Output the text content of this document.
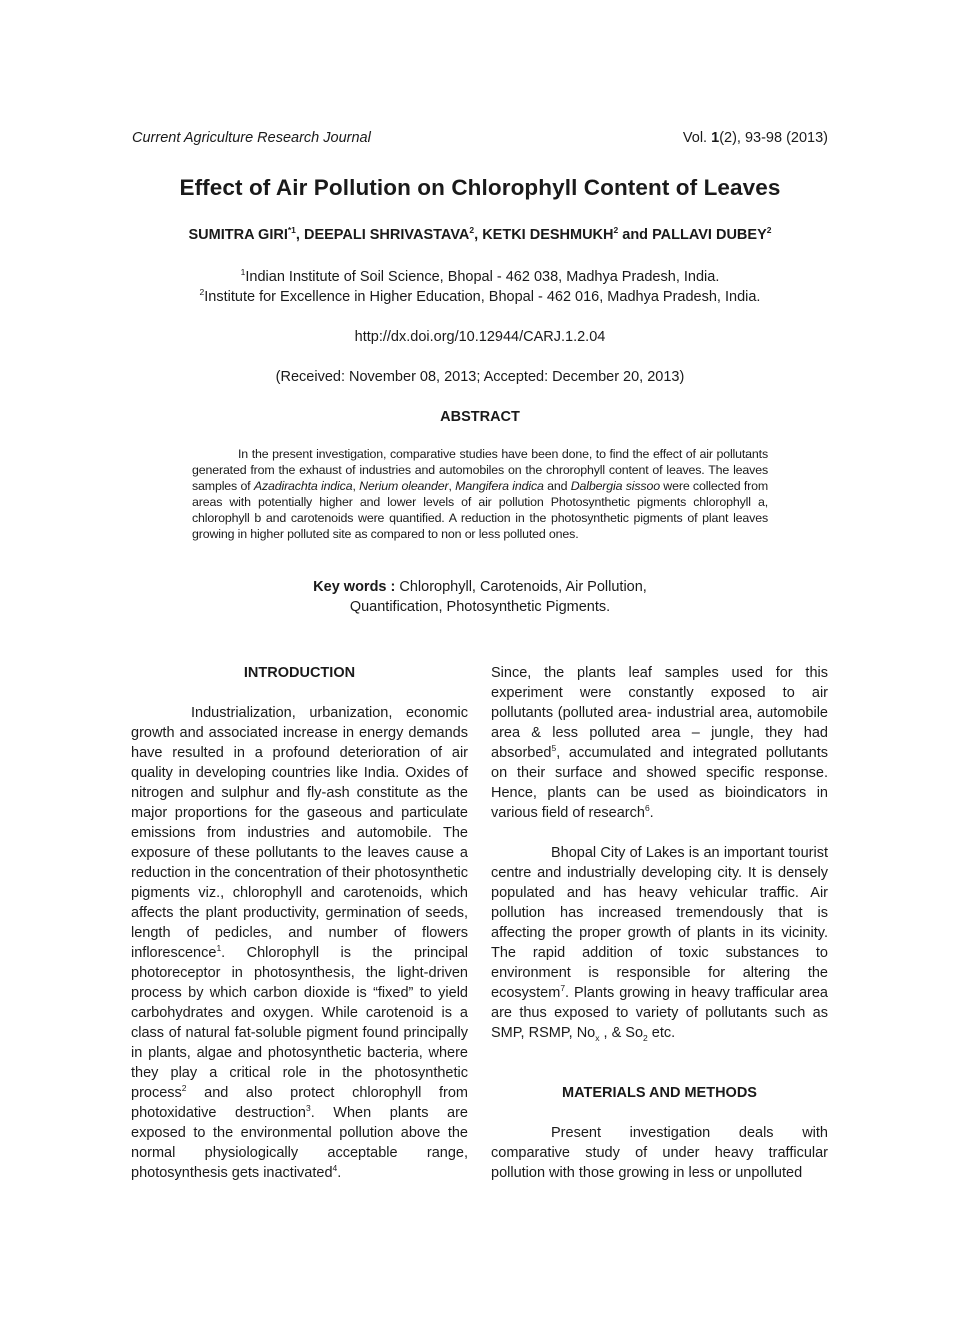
Current Agriculture Research Journal	Vol. 1(2), 93-98 (2013)
Effect of Air Pollution on Chlorophyll Content of Leaves
SUMITRA GIRI$^{*1}$, DEEPALI SHRIVASTAVA$^2$, KETKI DESHMUKH$^2$ and PALLAVI DUBEY$^2$
$^1$Indian Institute of Soil Science, Bhopal - 462 038, Madhya Pradesh, India.
$^2$Institute for Excellence in Higher Education, Bhopal - 462 016, Madhya Pradesh, India.
http://dx.doi.org/10.12944/CARJ.1.2.04
(Received: November 08, 2013; Accepted: December 20, 2013)
ABSTRACT
In the present investigation, comparative studies have been done, to find the effect of air pollutants generated from the exhaust of industries and automobiles on the chrorophyll content of leaves. The leaves samples of Azadirachta indica, Nerium oleander, Mangifera indica and Dalbergia sissoo were collected from areas with potentially higher and lower levels of air pollution Photosynthetic pigments chlorophyll a, chlorophyll b and carotenoids were quantified. A reduction in the photosynthetic pigments of plant leaves growing in higher polluted site as compared to non or less polluted ones.
Key words : Chlorophyll, Carotenoids, Air Pollution,
Quantification, Photosynthetic Pigments.
INTRODUCTION

Industrialization, urbanization, economic growth and associated increase in energy demands have resulted in a profound deterioration of air quality in developing countries like India. Oxides of nitrogen and sulphur and fly-ash constitute as the major proportions for the gaseous and particulate emissions from industries and automobile. The exposure of these pollutants to the leaves cause a reduction in the concentration of their photosynthetic pigments viz., chlorophyll and carotenoids, which affects the plant productivity, germination of seeds, length of pedicles, and number of flowers inflorescence$^1$. Chlorophyll is the principal photoreceptor in photosynthesis, the light-driven process by which carbon dioxide is “fixed” to yield carbohydrates and oxygen. While carotenoid is a class of natural fat-soluble pigment found principally in plants, algae and photosynthetic bacteria, where they play a critical role in the photosynthetic process$^2$ and also protect chlorophyll from photoxidative destruction$^3$. When plants are exposed to the environmental pollution above the normal physiologically acceptable range, photosynthesis gets inactivated$^4$.

Since, the plants leaf samples used for this experiment were constantly exposed to air pollutants (polluted area- industrial area, automobile area & less polluted area – jungle, they had absorbed$^5$, accumulated and integrated pollutants on their surface and showed specific response. Hence, plants can be used as bioindicators in various field of research$^6$.

Bhopal City of Lakes is an important tourist centre and industrially developing city. It is densely populated and has heavy vehicular traffic. Air pollution has increased tremendously that is affecting the proper growth of plants in its vicinity. The rapid addition of toxic substances to environment is responsible for altering the ecosystem$^7$. Plants growing in heavy trafficular area are thus exposed to variety of pollutants such as SMP, RSMP, $No_x$ , & $So_2$ etc.

MATERIALS AND METHODS

Present investigation deals with comparative study of under heavy trafficular pollution with those growing in less or unpolluted
